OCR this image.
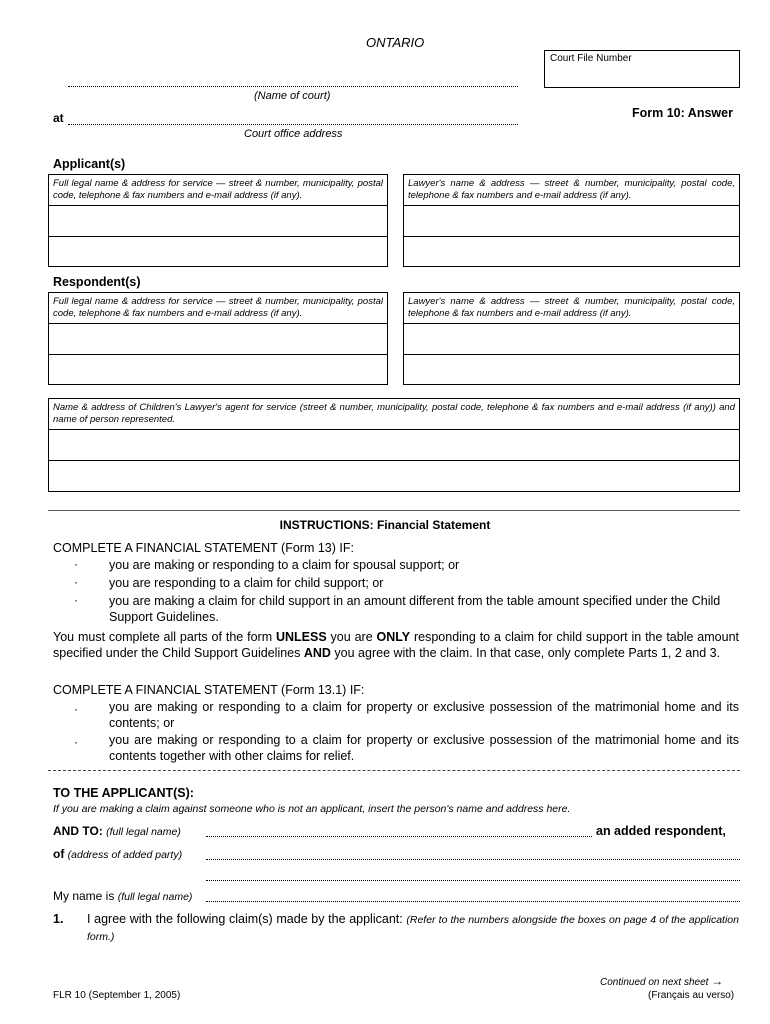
ONTARIO
Court File Number
(Name of court)
at
Court office address
Form 10: Answer
Applicant(s)
Full legal name & address for service — street & number, municipality, postal code, telephone & fax numbers and e-mail address (if any).
Lawyer's name & address — street & number, municipality, postal code, telephone & fax numbers and e-mail address (if any).
Respondent(s)
Full legal name & address for service — street & number, municipality, postal code, telephone & fax numbers and e-mail address (if any).
Lawyer's name & address — street & number, municipality, postal code, telephone & fax numbers and e-mail address (if any).
Name & address of Children's Lawyer's agent for service (street & number, municipality, postal code, telephone & fax numbers and e-mail address (if any)) and name of person represented.
INSTRUCTIONS: Financial Statement
COMPLETE A FINANCIAL STATEMENT (Form 13) IF:
· you are making or responding to a claim for spousal support; or
· you are responding to a claim for child support; or
· you are making a claim for child support in an amount different from the table amount specified under the Child Support Guidelines.
You must complete all parts of the form UNLESS you are ONLY responding to a claim for child support in the table amount specified under the Child Support Guidelines AND you agree with the claim. In that case, only complete Parts 1, 2 and 3.
COMPLETE A FINANCIAL STATEMENT (Form 13.1) IF:
· you are making or responding to a claim for property or exclusive possession of the matrimonial home and its contents; or
· you are making or responding to a claim for property or exclusive possession of the matrimonial home and its contents together with other claims for relief.
TO THE APPLICANT(S):
If you are making a claim against someone who is not an applicant, insert the person's name and address here.
AND TO: (full legal name)	an added respondent,
of (address of added party)
My name is (full legal name)
1. I agree with the following claim(s) made by the applicant: (Refer to the numbers alongside the boxes on page 4 of the application form.)
Continued on next sheet →
FLR 10 (September 1, 2005)	(Français au verso)
